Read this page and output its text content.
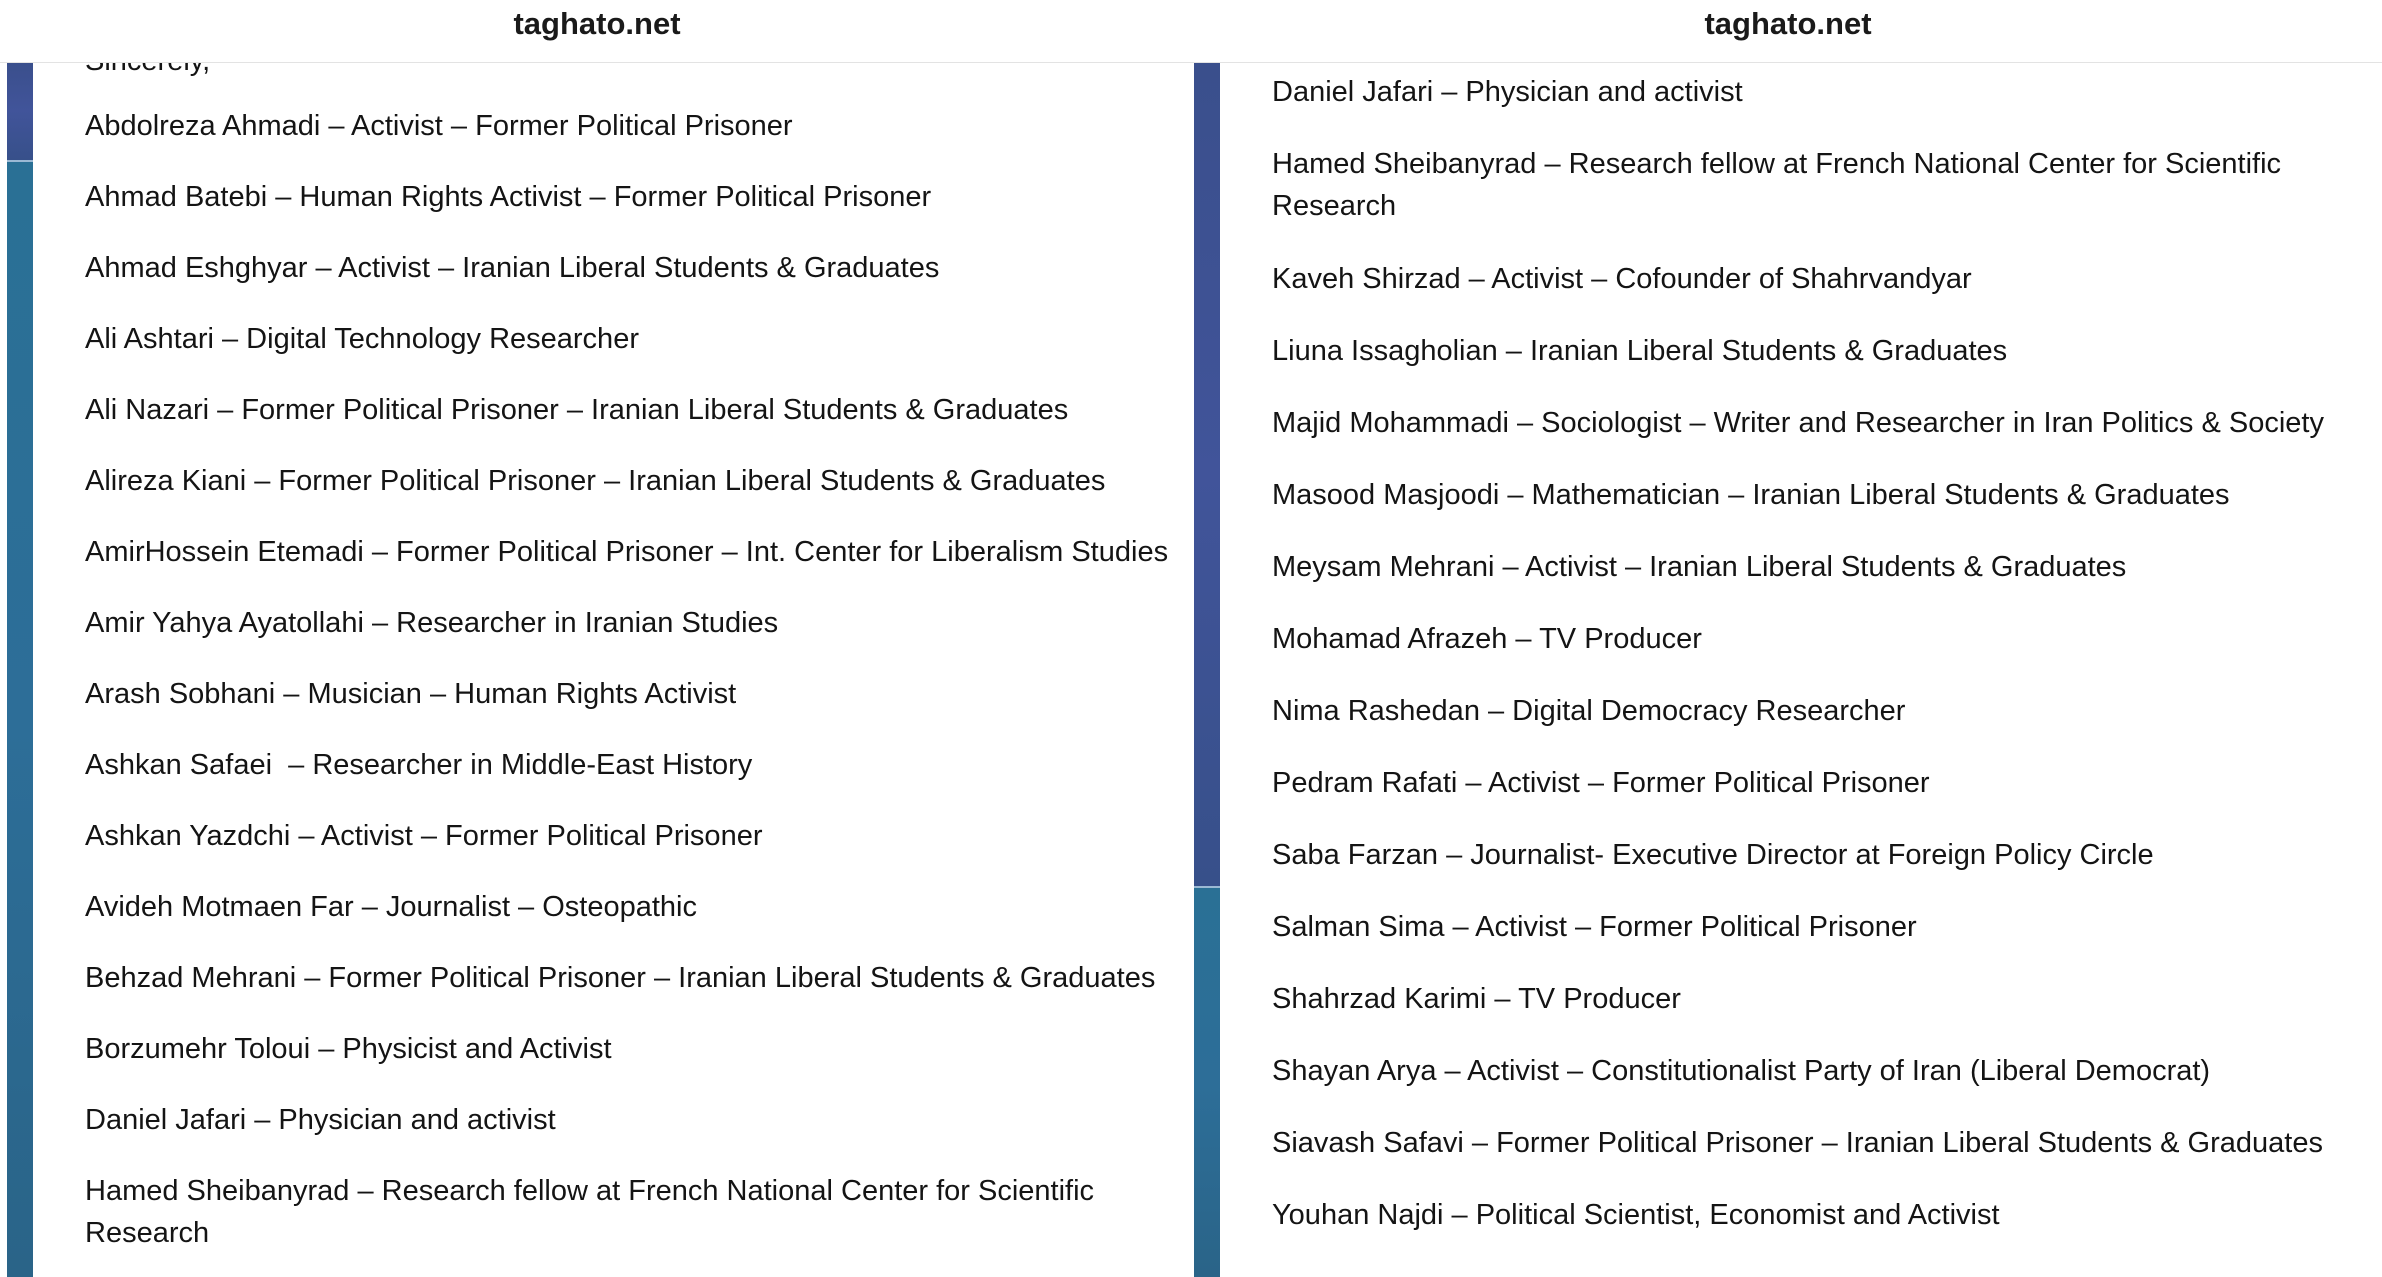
Abdolreza Ahmadi – Activist – Former Political Prisoner
Ahmad Batebi – Human Rights Activist – Former Political Prisoner
Ahmad Eshghyar – Activist – Iranian Liberal Students & Graduates
Ali Ashtari – Digital Technology Researcher
Ali Nazari – Former Political Prisoner – Iranian Liberal Students & Graduates
Alireza Kiani – Former Political Prisoner – Iranian Liberal Students & Graduates
AmirHossein Etemadi – Former Political Prisoner – Int. Center for Liberalism Studies
Amir Yahya Ayatollahi – Researcher in Iranian Studies
Arash Sobhani – Musician – Human Rights Activist
Ashkan Safaei  – Researcher in Middle-East History
Ashkan Yazdchi – Activist – Former Political Prisoner
Avideh Motmaen Far – Journalist – Osteopathic
Behzad Mehrani – Former Political Prisoner – Iranian Liberal Students & Graduates
Borzumehr Toloui – Physicist and Activist
Daniel Jafari – Physician and activist
Hamed Sheibanyrad – Research fellow at French National Center for Scientific Research
taghato.net
Daniel Jafari – Physician and activist
Hamed Sheibanyrad – Research fellow at French National Center for Scientific Research
Kaveh Shirzad – Activist – Cofounder of Shahrvandyar
Liuna Issagholian – Iranian Liberal Students & Graduates
Majid Mohammadi – Sociologist – Writer and Researcher in Iran Politics & Society
Masood Masjoodi – Mathematician – Iranian Liberal Students & Graduates
Meysam Mehrani – Activist – Iranian Liberal Students & Graduates
Mohamad Afrazeh – TV Producer
Nima Rashedan – Digital Democracy Researcher
Pedram Rafati – Activist – Former Political Prisoner
Saba Farzan – Journalist- Executive Director at Foreign Policy Circle
Salman Sima – Activist – Former Political Prisoner
Shahrzad Karimi – TV Producer
Shayan Arya – Activist – Constitutionalist Party of Iran (Liberal Democrat)
Siavash Safavi – Former Political Prisoner – Iranian Liberal Students & Graduates
Youhan Najdi – Political Scientist, Economist and Activist
taghato.net
